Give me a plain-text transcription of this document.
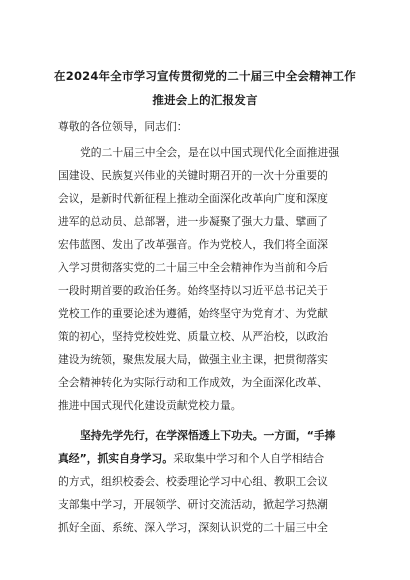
在2024年全市学习宣传贯彻党的二十届三中全会精神工作
推进会上的汇报发言
尊敬的各位领导，同志们：
党的二十届三中全会，是在以中国式现代化全面推进强
国建设、民族复兴伟业的关键时期召开的一次十分重要的
会议，是新时代新征程上推动全面深化改革向广度和深度
进军的总动员、总部署，进一步凝聚了强大力量、擘画了
宏伟蓝图、发出了改革强音。作为党校人，我们将全面深
入学习贯彻落实党的二十届三中全会精神作为当前和今后
一段时期首要的政治任务。始终坚持以习近平总书记关于
党校工作的重要论述为遵循，始终坚守为党育才、为党献
策的初心，坚持党校姓党、质量立校、从严治校，以政治
建设为统领，聚焦发展大局，做强主业主课，把贯彻落实
全会精神转化为实际行动和工作成效，为全面深化改革、
推进中国式现代化建设贡献党校力量。
坚持先学先行，在学深悟透上下功夫。一方面，“手捧
真经”，抓实自身学习。采取集中学习和个人自学相结合
的方式，组织校委会、校委理论学习中心组、教职工会议
支部集中学习，开展领学、研讨交流活动，掀起学习热潮
抓好全面、系统、深入学习，深刻认识党的二十届三中全
